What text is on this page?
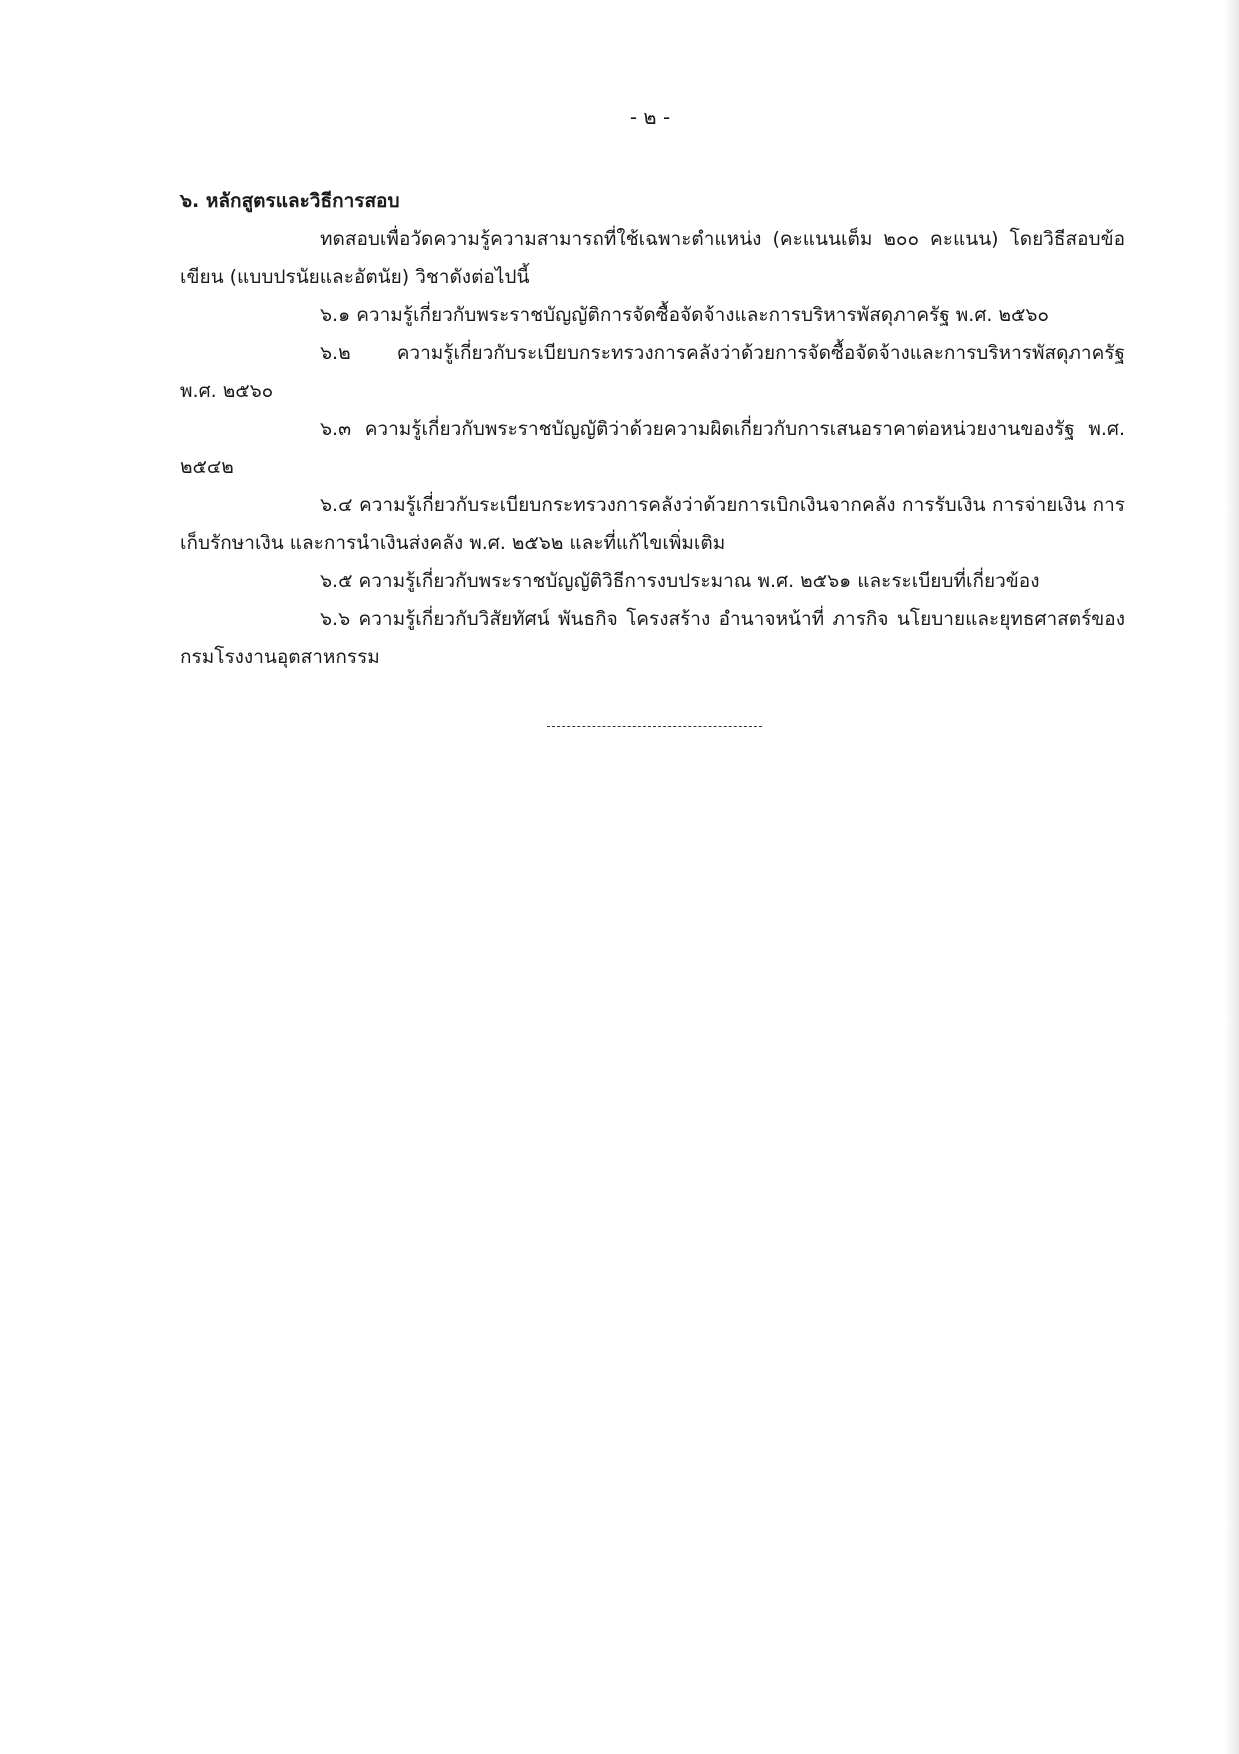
- ๒ -

๖. หลักสูตรและวิธีการสอบ

ทดสอบเพื่อวัดความรู้ความสามารถที่ใช้เฉพาะตำแหน่ง (คะแนนเต็ม ๒๐๐ คะแนน) โดยวิธีสอบข้อเขียน (แบบปรนัยและอัตนัย) วิชาดังต่อไปนี้

๖.๑ ความรู้เกี่ยวกับพระราชบัญญัติการจัดซื้อจัดจ้างและการบริหารพัสดุภาครัฐ พ.ศ. ๒๕๖๐

๖.๒ ความรู้เกี่ยวกับระเบียบกระทรวงการคลังว่าด้วยการจัดซื้อจัดจ้างและการบริหารพัสดุภาครัฐ พ.ศ. ๒๕๖๐

๖.๓ ความรู้เกี่ยวกับพระราชบัญญัติว่าด้วยความผิดเกี่ยวกับการเสนอราคาต่อหน่วยงานของรัฐ พ.ศ. ๒๕๔๒

๖.๔ ความรู้เกี่ยวกับระเบียบกระทรวงการคลังว่าด้วยการเบิกเงินจากคลัง การรับเงิน การจ่ายเงิน การเก็บรักษาเงิน และการนำเงินส่งคลัง พ.ศ. ๒๕๖๒ และที่แก้ไขเพิ่มเติม

๖.๕ ความรู้เกี่ยวกับพระราชบัญญัติวิธีการงบประมาณ พ.ศ. ๒๕๖๑ และระเบียบที่เกี่ยวข้อง

๖.๖ ความรู้เกี่ยวกับวิสัยทัศน์ พันธกิจ โครงสร้าง อำนาจหน้าที่ ภารกิจ นโยบายและยุทธศาสตร์ของกรมโรงงานอุตสาหกรรม
